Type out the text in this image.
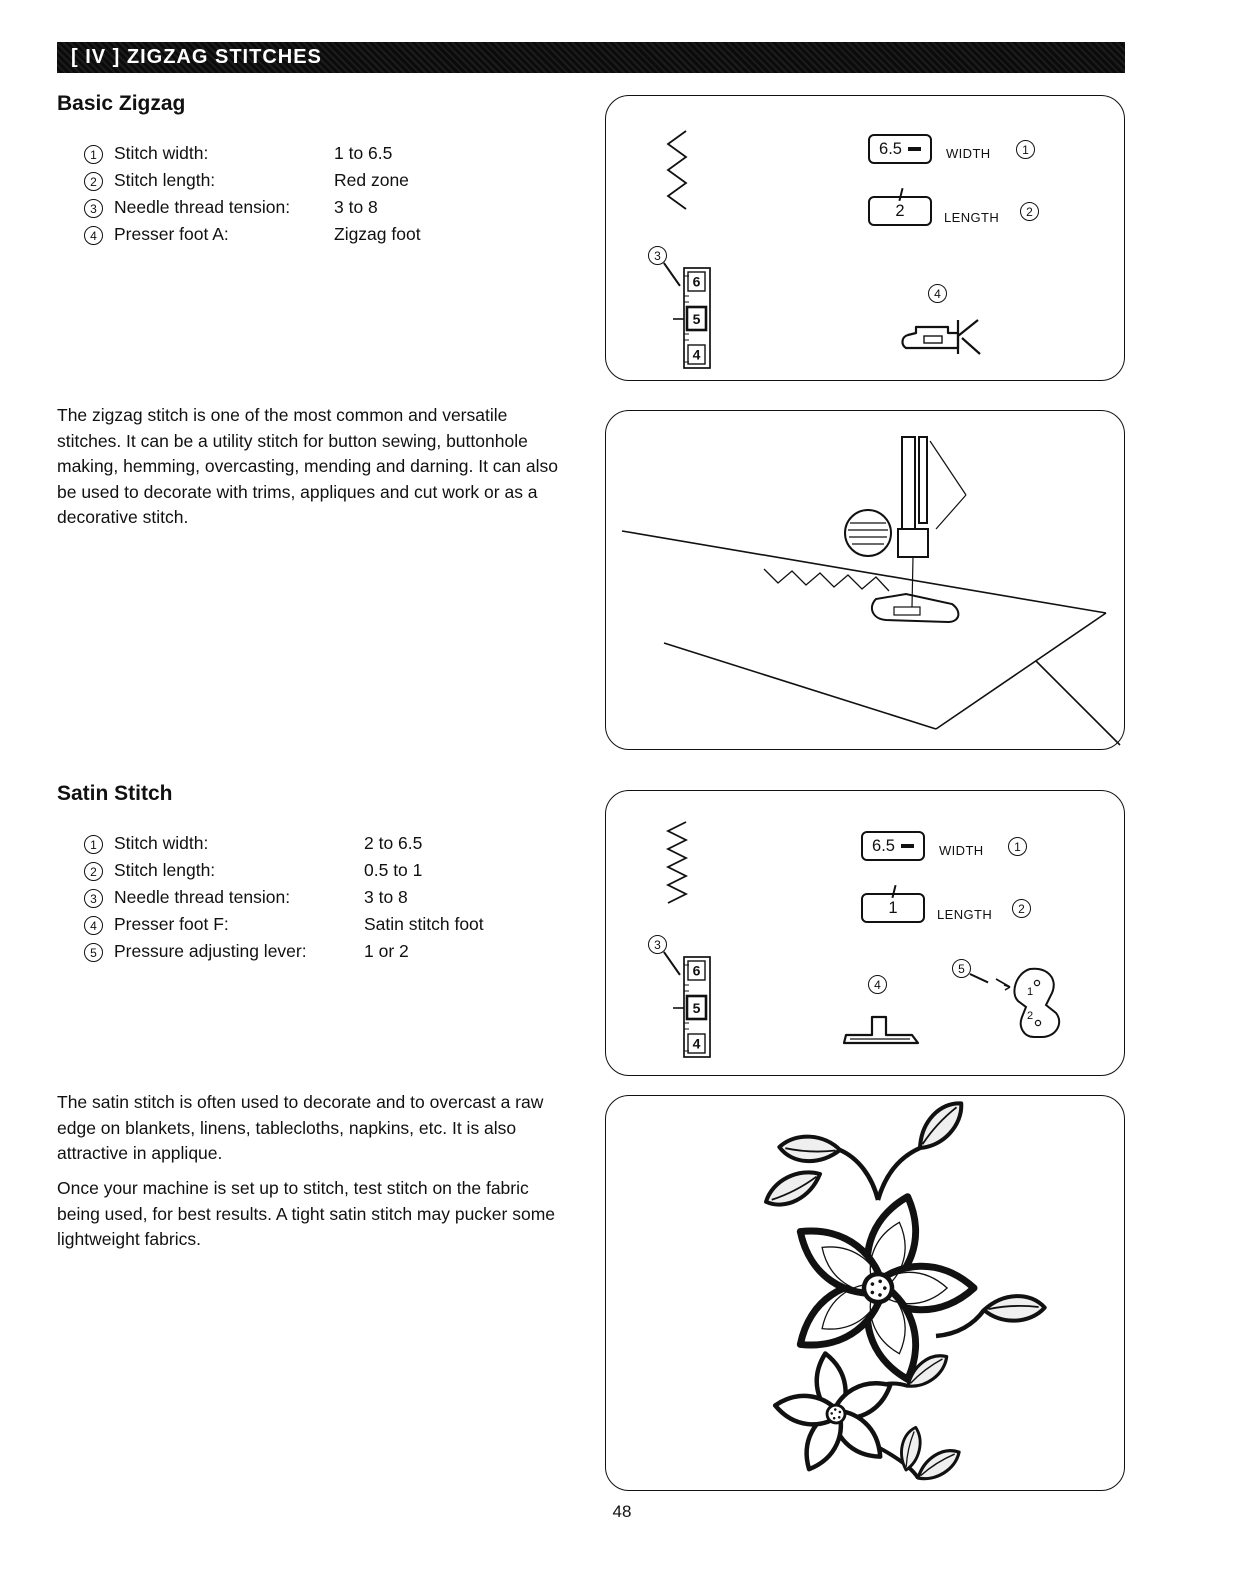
[ IV ] ZIGZAG STITCHES
Basic Zigzag
1 Stitch width:	1 to 6.5
2 Stitch length:	Red zone
3 Needle thread tension:	3 to 8
4 Presser foot A:	Zigzag foot
6.5	WIDTH	1
2	LENGTH	2
3
6
5
4
4

The zigzag stitch is one of the most common and versatile stitches. It can be a utility stitch for button sewing, buttonhole making, hemming, overcasting, mending and darning. It can also be used to decorate with trims, appliques and cut work or as a decorative stitch.

Satin Stitch
1 Stitch width:	2 to 6.5
2 Stitch length:	0.5 to 1
3 Needle thread tension:	3 to 8
4 Presser foot F:	Satin stitch foot
5 Pressure adjusting lever:	1 or 2
6.5	WIDTH	1
1	LENGTH	2
3
6
5
4
4
5
1
2

The satin stitch is often used to decorate and to overcast a raw edge on blankets, linens, tablecloths, napkins, etc. It is also attractive in applique.

Once your machine is set up to stitch, test stitch on the fabric being used, for best results. A tight satin stitch may pucker some lightweight fabrics.

48
